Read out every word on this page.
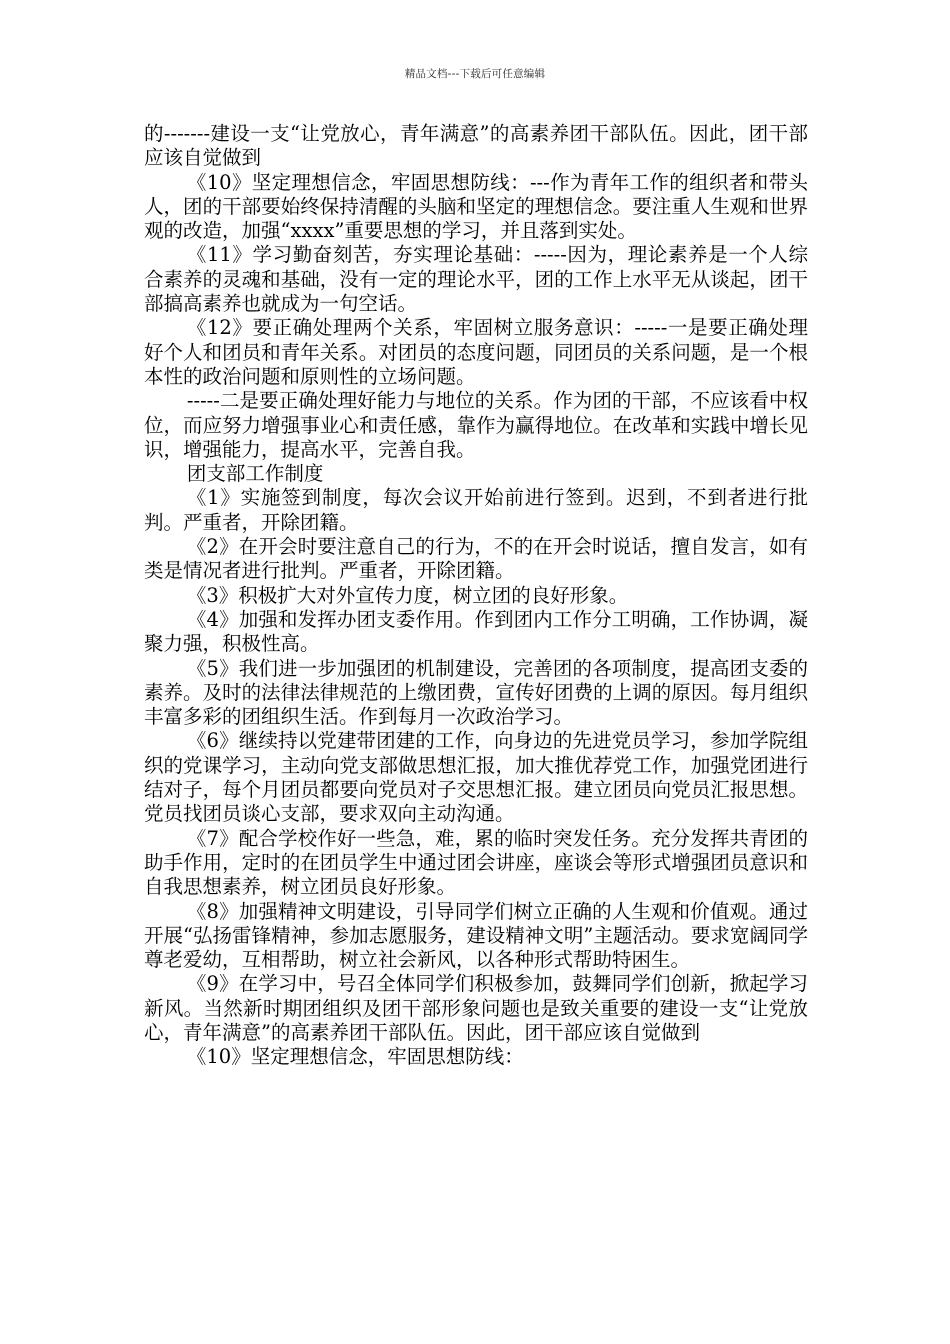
精品文档---下载后可任意编辑

的-------建设一支“让党放心，青年满意”的高素养团干部队伍。因此，团干部应该自觉做到

《10》坚定理想信念，牢固思想防线：---作为青年工作的组织者和带头人，团的干部要始终保持清醒的头脑和坚定的理想信念。要注重人生观和世界观的改造，加强“xxxx”重要思想的学习，并且落到实处。

《11》学习勤奋刻苦，夯实理论基础：-----因为，理论素养是一个人综合素养的灵魂和基础，没有一定的理论水平，团的工作上水平无从谈起，团干部搞高素养也就成为一句空话。

《12》要正确处理两个关系，牢固树立服务意识：-----一是要正确处理好个人和团员和青年关系。对团员的态度问题，同团员的关系问题，是一个根本性的政治问题和原则性的立场问题。

-----二是要正确处理好能力与地位的关系。作为团的干部，不应该看中权位，而应努力增强事业心和责任感，靠作为赢得地位。在改革和实践中增长见识，增强能力，提高水平，完善自我。

团支部工作制度

《1》实施签到制度，每次会议开始前进行签到。迟到，不到者进行批判。严重者，开除团籍。

《2》在开会时要注意自己的行为，不的在开会时说话，擅自发言，如有类是情况者进行批判。严重者，开除团籍。

《3》积极扩大对外宣传力度，树立团的良好形象。

《4》加强和发挥办团支委作用。作到团内工作分工明确，工作协调，凝聚力强，积极性高。

《5》我们进一步加强团的机制建设，完善团的各项制度，提高团支委的素养。及时的法律法律规范的上缴团费，宣传好团费的上调的原因。每月组织丰富多彩的团组织生活。作到每月一次政治学习。

《6》继续持以党建带团建的工作，向身边的先进党员学习，参加学院组织的党课学习，主动向党支部做思想汇报，加大推优荐党工作，加强党团进行结对子，每个月团员都要向党员对子交思想汇报。建立团员向党员汇报思想。党员找团员谈心支部，要求双向主动沟通。

《7》配合学校作好一些急，难，累的临时突发任务。充分发挥共青团的助手作用，定时的在团员学生中通过团会讲座，座谈会等形式增强团员意识和自我思想素养，树立团员良好形象。

《8》加强精神文明建设，引导同学们树立正确的人生观和价值观。通过开展“弘扬雷锋精神，参加志愿服务，建设精神文明”主题活动。要求宽阔同学尊老爱幼，互相帮助，树立社会新风，以各种形式帮助特困生。

《9》在学习中，号召全体同学们积极参加，鼓舞同学们创新，掀起学习新风。当然新时期团组织及团干部形象问题也是致关重要的建设一支“让党放心，青年满意”的高素养团干部队伍。因此，团干部应该自觉做到

《10》坚定理想信念，牢固思想防线：
